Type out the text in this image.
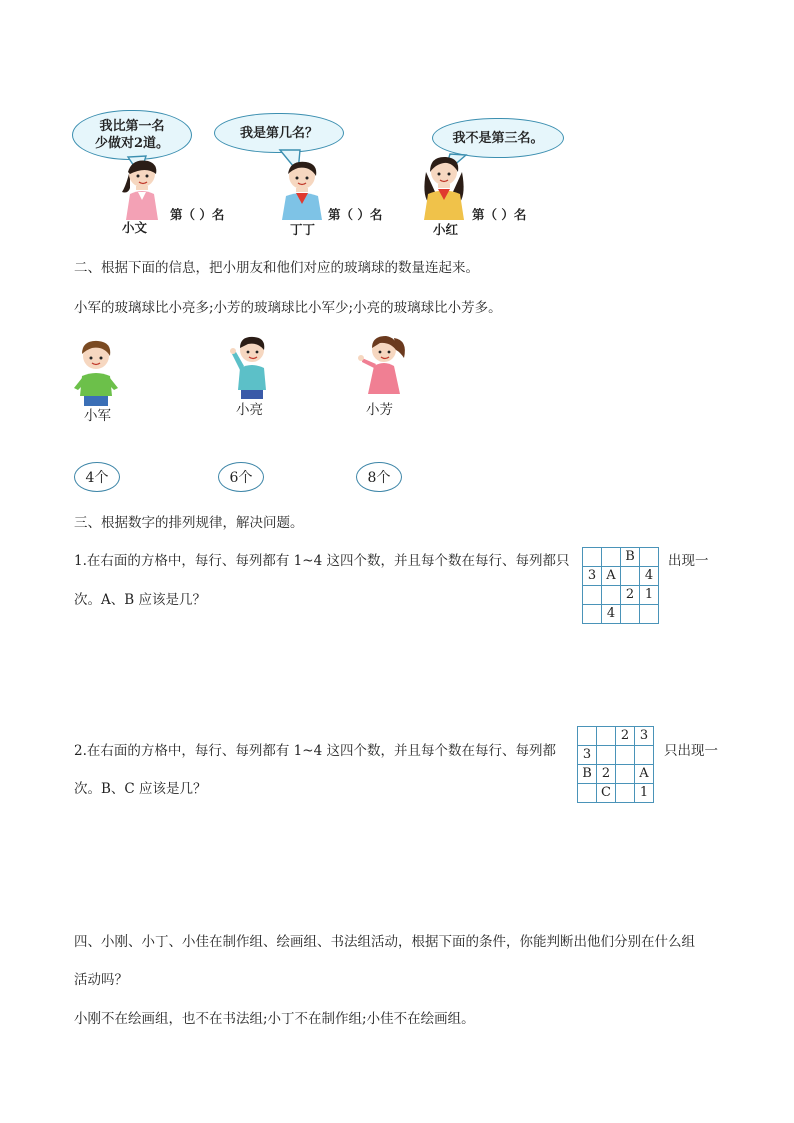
我比第一名
少做对2道。
我是第几名？	我不是第三名。
小文
第（ ）名
丁丁
第（ ）名
小红
第（ ）名
二、根据下面的信息，把小朋友和他们对应的玻璃球的数量连起来。
小军的玻璃球比小亮多;小芳的玻璃球比小军少;小亮的玻璃球比小芳多。
小军	小亮	小芳
4个	6个	8个
三、根据数字的排列规律，解决问题。
1.在右面的方格中，每行、每列都有 1~4 这四个数，并且每个数在每行、每列都只	出现一
次。A、B 应该是几？
		B	
3	A		4
		2	1
	4		
2.在右面的方格中，每行、每列都有 1~4 这四个数，并且每个数在每行、每列都	只出现一
次。B、C 应该是几？
		2	3
3			
B	2		A
	C		1
四、小刚、小丁、小佳在制作组、绘画组、书法组活动，根据下面的条件，你能判断出他们分别在什么组
活动吗？
小刚不在绘画组，也不在书法组;小丁不在制作组;小佳不在绘画组。
